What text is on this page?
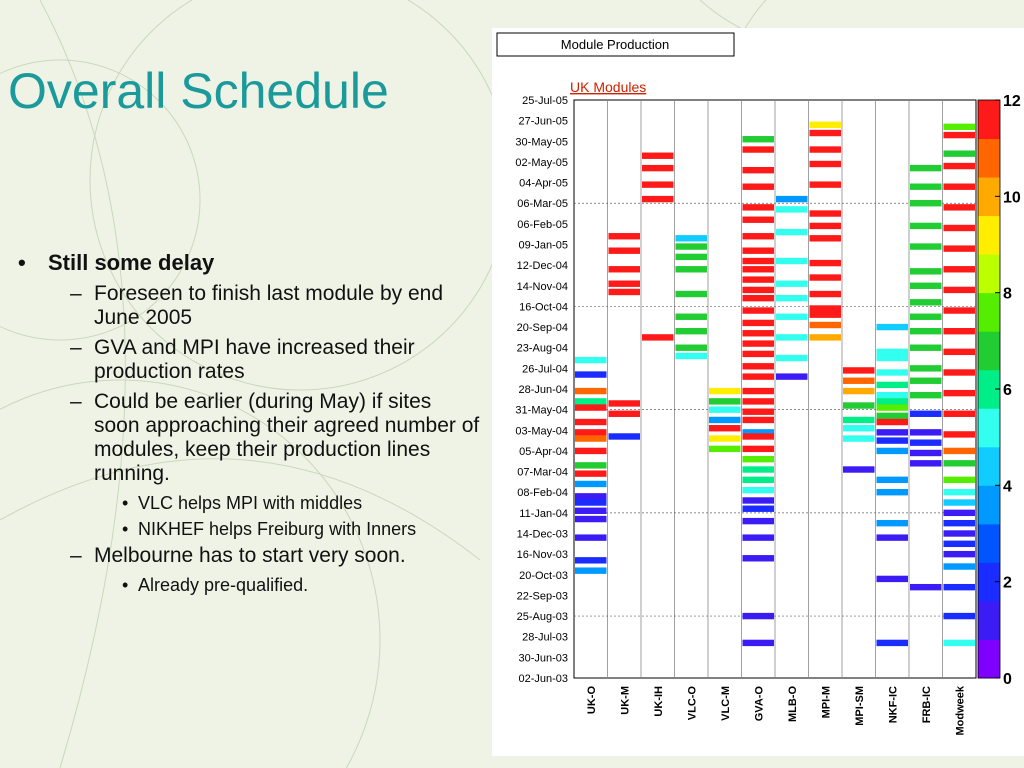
Overall Schedule
• Still some delay
– Foreseen to finish last module by end June 2005
– GVA and MPI have increased their production rates
– Could be earlier (during May) if sites soon approaching their agreed number of modules, keep their production lines running.
• VLC helps MPI with middles
• NIKHEF helps Freiburg with Inners
– Melbourne has to start very soon.
• Already pre-qualified.
Module Production
UK Modules
25-Jul-05
27-Jun-05
30-May-05
02-May-05
04-Apr-05
06-Mar-05
06-Feb-05
09-Jan-05
12-Dec-04
14-Nov-04
16-Oct-04
20-Sep-04
23-Aug-04
26-Jul-04
28-Jun-04
31-May-04
03-May-04
05-Apr-04
07-Mar-04
08-Feb-04
11-Jan-04
14-Dec-03
16-Nov-03
20-Oct-03
22-Sep-03
25-Aug-03
28-Jul-03
30-Jun-03
02-Jun-03
UK-O UK-M UK-IH VLC-O VLC-M GVA-O MLB-O MPI-M MPI-SM NKF-IC FRB-IC Modweek
0
2
4
6
8
10
12
